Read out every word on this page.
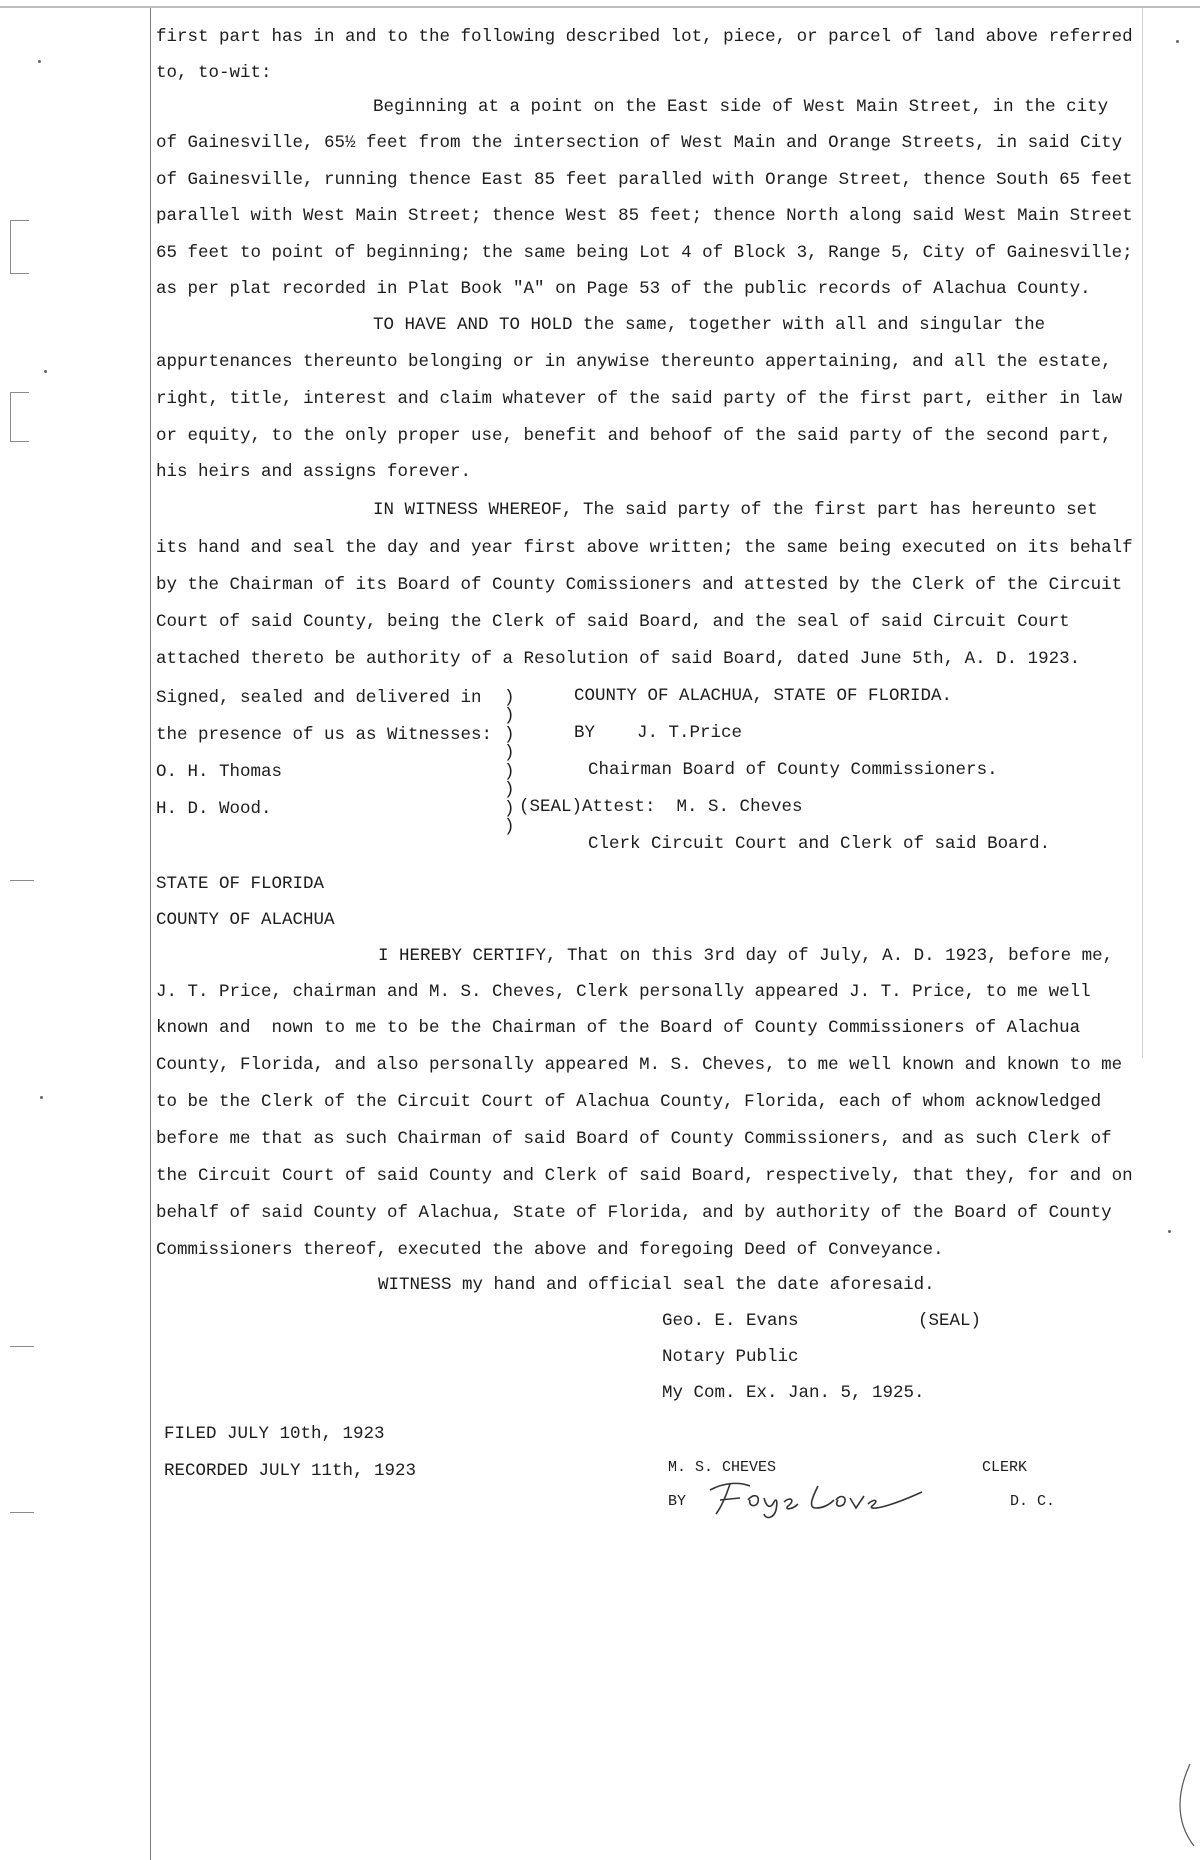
first part has in and to the following described lot, piece, or parcel of land above referred
to, to-wit:
Beginning at a point on the East side of West Main Street, in the city
of Gainesville, 65½ feet from the intersection of West Main and Orange Streets, in said City
of Gainesville, running thence East 85 feet paralled with Orange Street, thence South 65 feet
parallel with West Main Street; thence West 85 feet; thence North along said West Main Street
65 feet to point of beginning; the same being Lot 4 of Block 3, Range 5, City of Gainesville;
as per plat recorded in Plat Book "A" on Page 53 of the public records of Alachua County.
TO HAVE AND TO HOLD the same, together with all and singular the
appurtenances thereunto belonging or in anywise thereunto appertaining, and all the estate,
right, title, interest and claim whatever of the said party of the first part, either in law
or equity, to the only proper use, benefit and behoof of the said party of the second part,
his heirs and assigns forever.
IN WITNESS WHEREOF, The said party of the first part has hereunto set
its hand and seal the day and year first above written; the same being executed on its behalf
by the Chairman of its Board of County Comissioners and attested by the Clerk of the Circuit
Court of said County, being the Clerk of said Board, and the seal of said Circuit Court
attached thereto be authority of a Resolution of said Board, dated June 5th, A. D. 1923.
Signed, sealed and delivered in
the presence of us as Witnesses:
O. H. Thomas
H. D. Wood.
)
)
)
)
)
)
)
)
COUNTY OF ALACHUA, STATE OF FLORIDA.
BY    J. T.Price
Chairman Board of County Commissioners.
(SEAL)Attest:  M. S. Cheves
Clerk Circuit Court and Clerk of said Board.
STATE OF FLORIDA
COUNTY OF ALACHUA
I HEREBY CERTIFY, That on this 3rd day of July, A. D. 1923, before me,
J. T. Price, chairman and M. S. Cheves, Clerk personally appeared J. T. Price, to me well
known and  nown to me to be the Chairman of the Board of County Commissioners of Alachua
County, Florida, and also personally appeared M. S. Cheves, to me well known and known to me
to be the Clerk of the Circuit Court of Alachua County, Florida, each of whom acknowledged
before me that as such Chairman of said Board of County Commissioners, and as such Clerk of
the Circuit Court of said County and Clerk of said Board, respectively, that they, for and on
behalf of said County of Alachua, State of Florida, and by authority of the Board of County
Commissioners thereof, executed the above and foregoing Deed of Conveyance.
WITNESS my hand and official seal the date aforesaid.
Geo. E. Evans	(SEAL)
Notary Public
My Com. Ex. Jan. 5, 1925.
FILED JULY 10th, 1923
RECORDED JULY 11th, 1923	M. S. CHEVES	CLERK
BY	D. C.
